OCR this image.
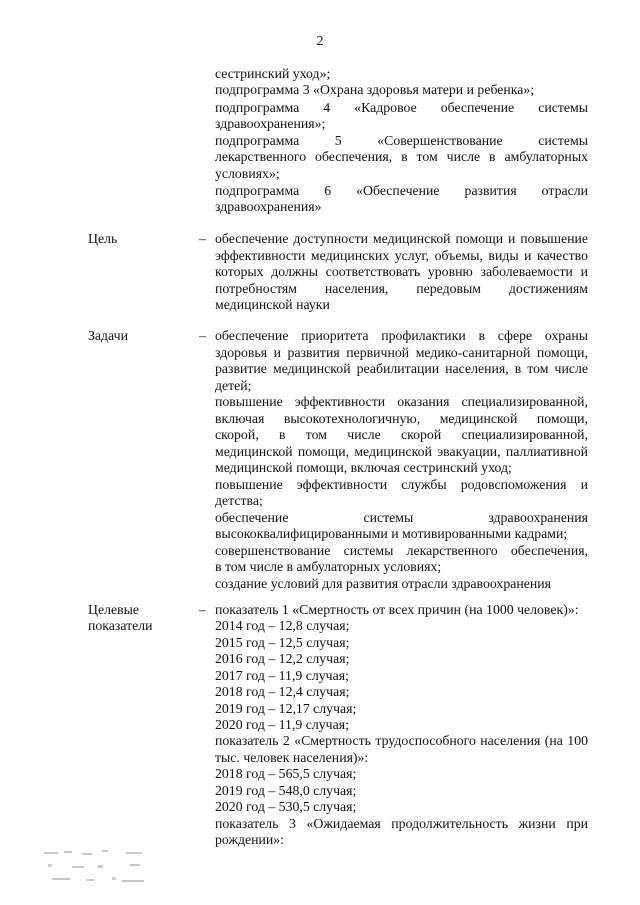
2
сестринский уход»;
подпрограмма 3 «Охрана здоровья матери и ребенка»;
подпрограмма 4 «Кадровое обеспечение системы
здравоохранения»;
подпрограмма 5 «Совершенствование системы
лекарственного обеспечения, в том числе в амбулаторных
условиях»;
подпрограмма 6 «Обеспечение развития отрасли
здравоохранения»
Цель	– обеспечение доступности медицинской помощи и повышение
эффективности медицинских услуг, объемы, виды и качество
которых должны соответствовать уровню заболеваемости и
потребностям населения, передовым достижениям
медицинской науки
Задачи	– обеспечение приоритета профилактики в сфере охраны
здоровья и развития первичной медико-санитарной помощи,
развитие медицинской реабилитации населения, в том числе
детей;
повышение эффективности оказания специализированной,
включая высокотехнологичную, медицинской помощи,
скорой, в том числе скорой специализированной,
медицинской помощи, медицинской эвакуации, паллиативной
медицинской помощи, включая сестринский уход;
повышение эффективности службы родовспоможения и
детства;
обеспечение системы здравоохранения
высококвалифицированными и мотивированными кадрами;
совершенствование системы лекарственного обеспечения,
в том числе в амбулаторных условиях;
создание условий для развития отрасли здравоохранения
Целевые
показатели
– показатель 1 «Смертность от всех причин (на 1000 человек)»:
2014 год – 12,8 случая;
2015 год – 12,5 случая;
2016 год – 12,2 случая;
2017 год – 11,9 случая;
2018 год – 12,4 случая;
2019 год – 12,17 случая;
2020 год – 11,9 случая;
показатель 2 «Смертность трудоспособного населения (на 100
тыс. человек населения)»:
2018 год – 565,5 случая;
2019 год – 548,0 случая;
2020 год – 530,5 случая;
показатель 3 «Ожидаемая продолжительность жизни при
рождении»:
